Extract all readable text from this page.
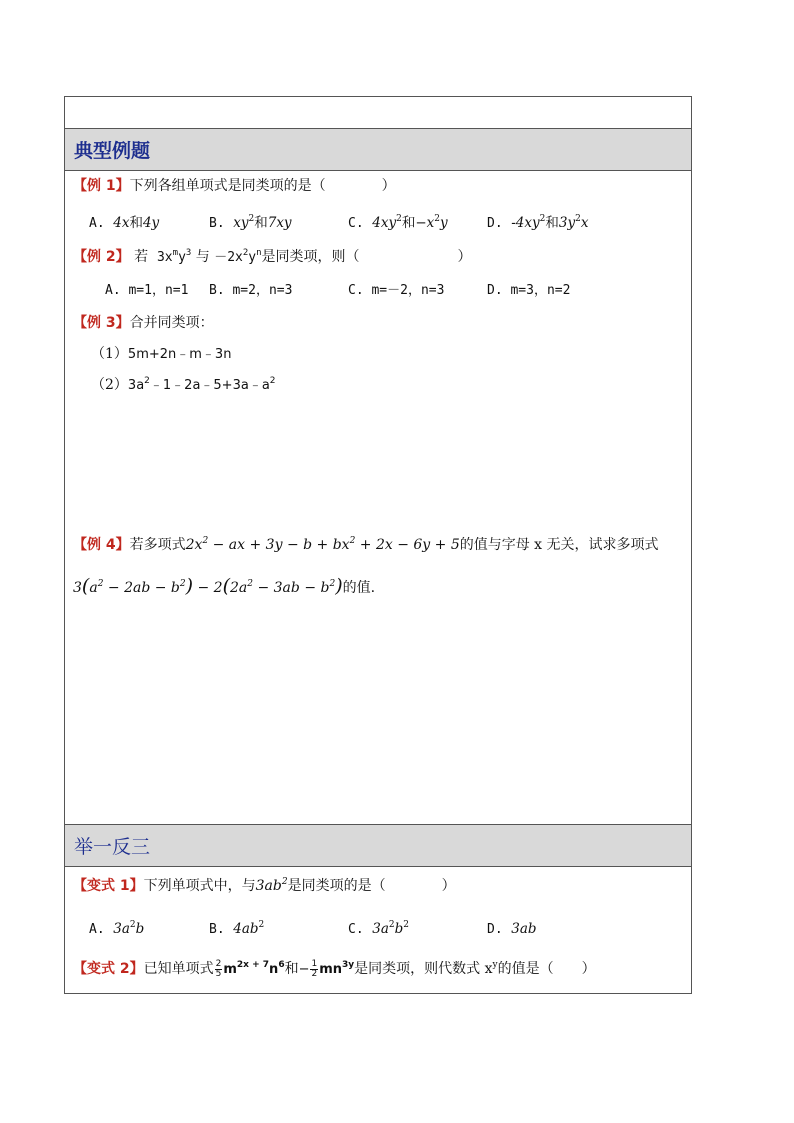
典型例题
【例 1】下列各组单项式是同类项的是（　　　　）
A. 4x和4y	B. $xy^2$和7xy	C. $4xy^2$和$-x^2y$	D. $-4xy^2$和$3y^2x$
【例 2】 若 $3x^my^3$ 与 $-2x^2y^n$是同类项，则（　　　　　　　）
A. m=1，n=1 B. m=2，n=3	C. m=－2，n=3	D. m=3，n=2
【例 3】合并同类项：
（1）5m+2n﹣m﹣3n
$(2)3a^2﹣1﹣2a﹣5+3a﹣a^2$
【例 4】若多项式$2x^2$ − ax + $3y - b + bx^2 + 2x - 6y + 5$的值与字母 x 无关，试求多项式
$3(a^2 - 2ab - b^2) - 2(2a^2 - 3ab - b^2)$的值.
举一反三
【变式 1】下列单项式中，与$3ab^2$是同类项的是（　　　　）
A. $3a^2b$	B. $4ab^2$	C. $3a^2b^2$	D. 3ab
【变式 2】已知单项式 $\frac{2}{5} m^{2x + 7}n^6$和− $\frac{1}{2} mn^{3y}$是同类项，则代数式 $x^y$的值是（　　）
